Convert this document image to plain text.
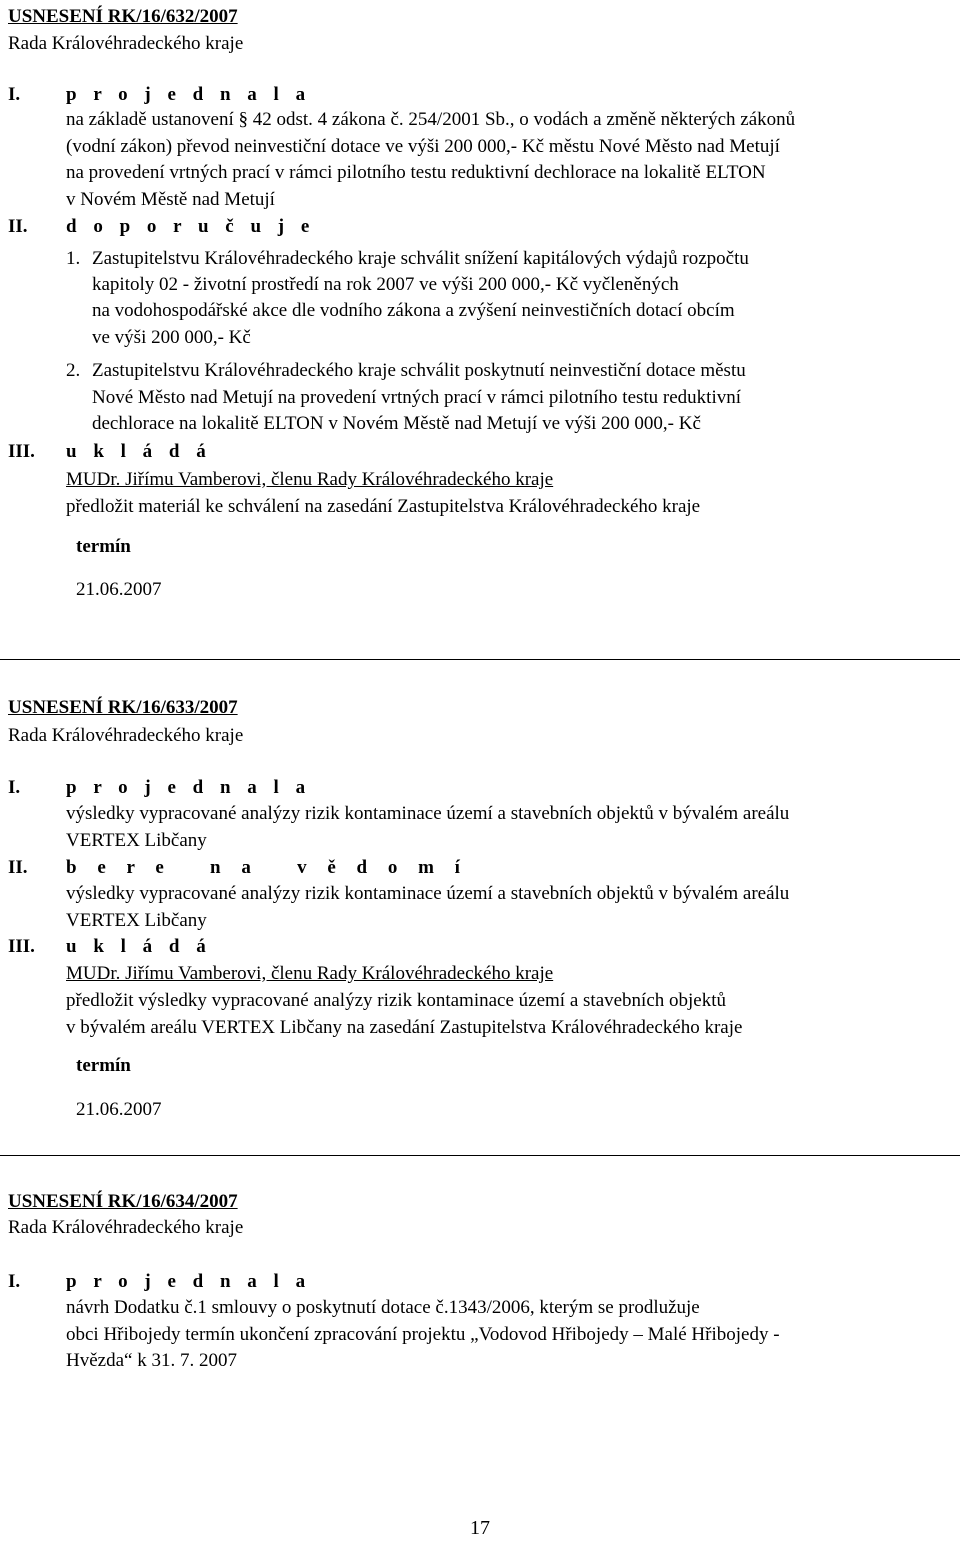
USNESENÍ RK/16/632/2007
Rada Královéhradeckého kraje
I. p r o j e d n a l a
na základě ustanovení § 42 odst. 4 zákona č. 254/2001 Sb., o vodách a změně některých zákonů
(vodní zákon) převod neinvestiční dotace ve výši 200 000,- Kč městu Nové Město nad Metují
na provedení vrtných prací v rámci pilotního testu reduktivní dechlorace na lokalitě ELTON
v Novém Městě nad Metují
II. d o p o r u č u j e
1. Zastupitelstvu Královéhradeckého kraje schválit snížení kapitálových výdajů rozpočtu
kapitoly 02 - životní prostředí na rok 2007 ve výši 200 000,- Kč vyčleněných
na vodohospodářské akce dle vodního zákona a zvýšení neinvestičních dotací obcím
ve výši 200 000,- Kč
2. Zastupitelstvu Královéhradeckého kraje schválit poskytnutí neinvestiční dotace městu
Nové Město nad Metují na provedení vrtných prací v rámci pilotního testu reduktivní
dechlorace na lokalitě ELTON v Novém Městě nad Metují ve výši 200 000,- Kč
III. u k l á d á
MUDr. Jiřímu Vamberovi, členu Rady Královéhradeckého kraje
předložit materiál ke schválení na zasedání Zastupitelstva Královéhradeckého kraje
termín
21.06.2007
USNESENÍ RK/16/633/2007
Rada Královéhradeckého kraje
I. p r o j e d n a l a
výsledky vypracované analýzy rizik kontaminace území a stavebních objektů v bývalém areálu
VERTEX Libčany
II. b e r e   n a   v ě d o m í
výsledky vypracované analýzy rizik kontaminace území a stavebních objektů v bývalém areálu
VERTEX Libčany
III. u k l á d á
MUDr. Jiřímu Vamberovi, členu Rady Královéhradeckého kraje
předložit výsledky vypracované analýzy rizik kontaminace území a stavebních objektů
v bývalém areálu VERTEX Libčany na zasedání Zastupitelstva Královéhradeckého kraje
termín
21.06.2007
USNESENÍ RK/16/634/2007
Rada Královéhradeckého kraje
I. p r o j e d n a l a
návrh Dodatku č.1 smlouvy o poskytnutí dotace č.1343/2006, kterým se prodlužuje
obci Hřibojedy termín ukončení zpracování projektu „Vodovod Hřibojedy – Malé Hřibojedy -
Hvězda“ k 31. 7. 2007
17
